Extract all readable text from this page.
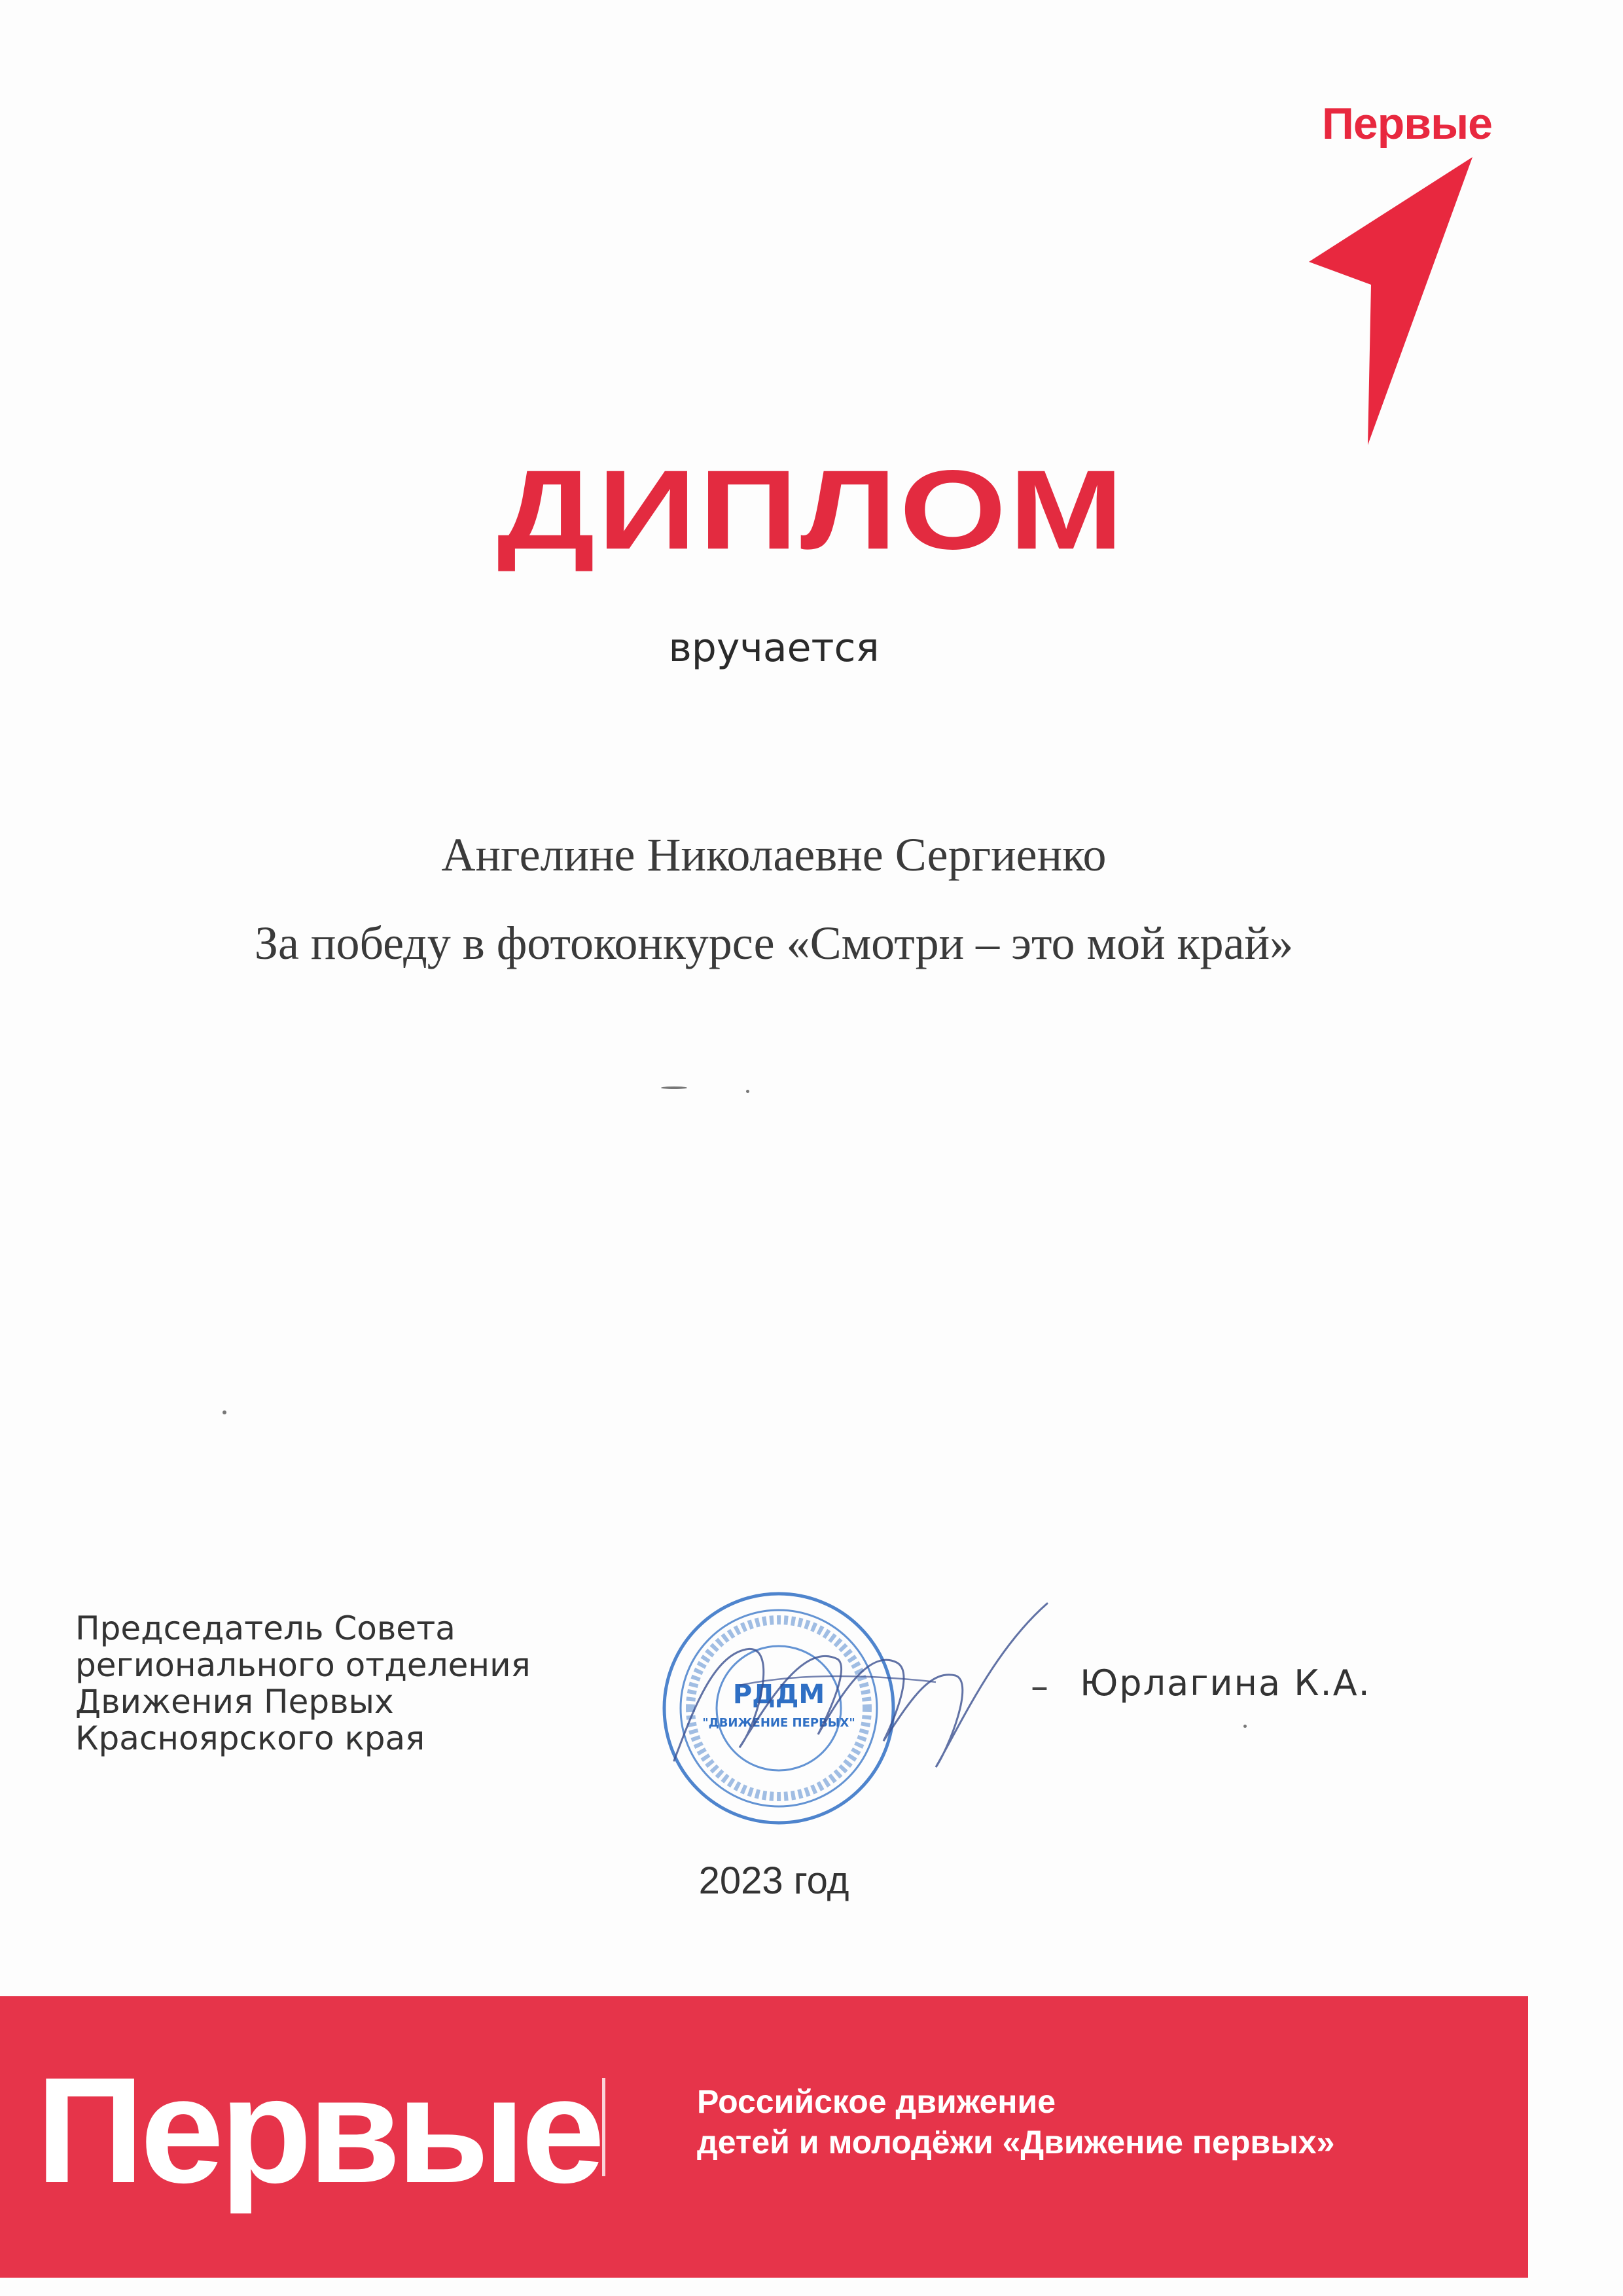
Первые
ДИПЛОМ
вручается
Ангелине Николаевне Сергиенко
За победу в фотоконкурсе «Смотри – это мой край»
Председатель Совета
регионального отделения
Движения Первых
Красноярского края
РДДМ
"ДВИЖЕНИЕ ПЕРВЫХ"
– Юрлагина К.А.
2023 год
Первые	Российское движение
детей и молодёжи «Движение первых»
